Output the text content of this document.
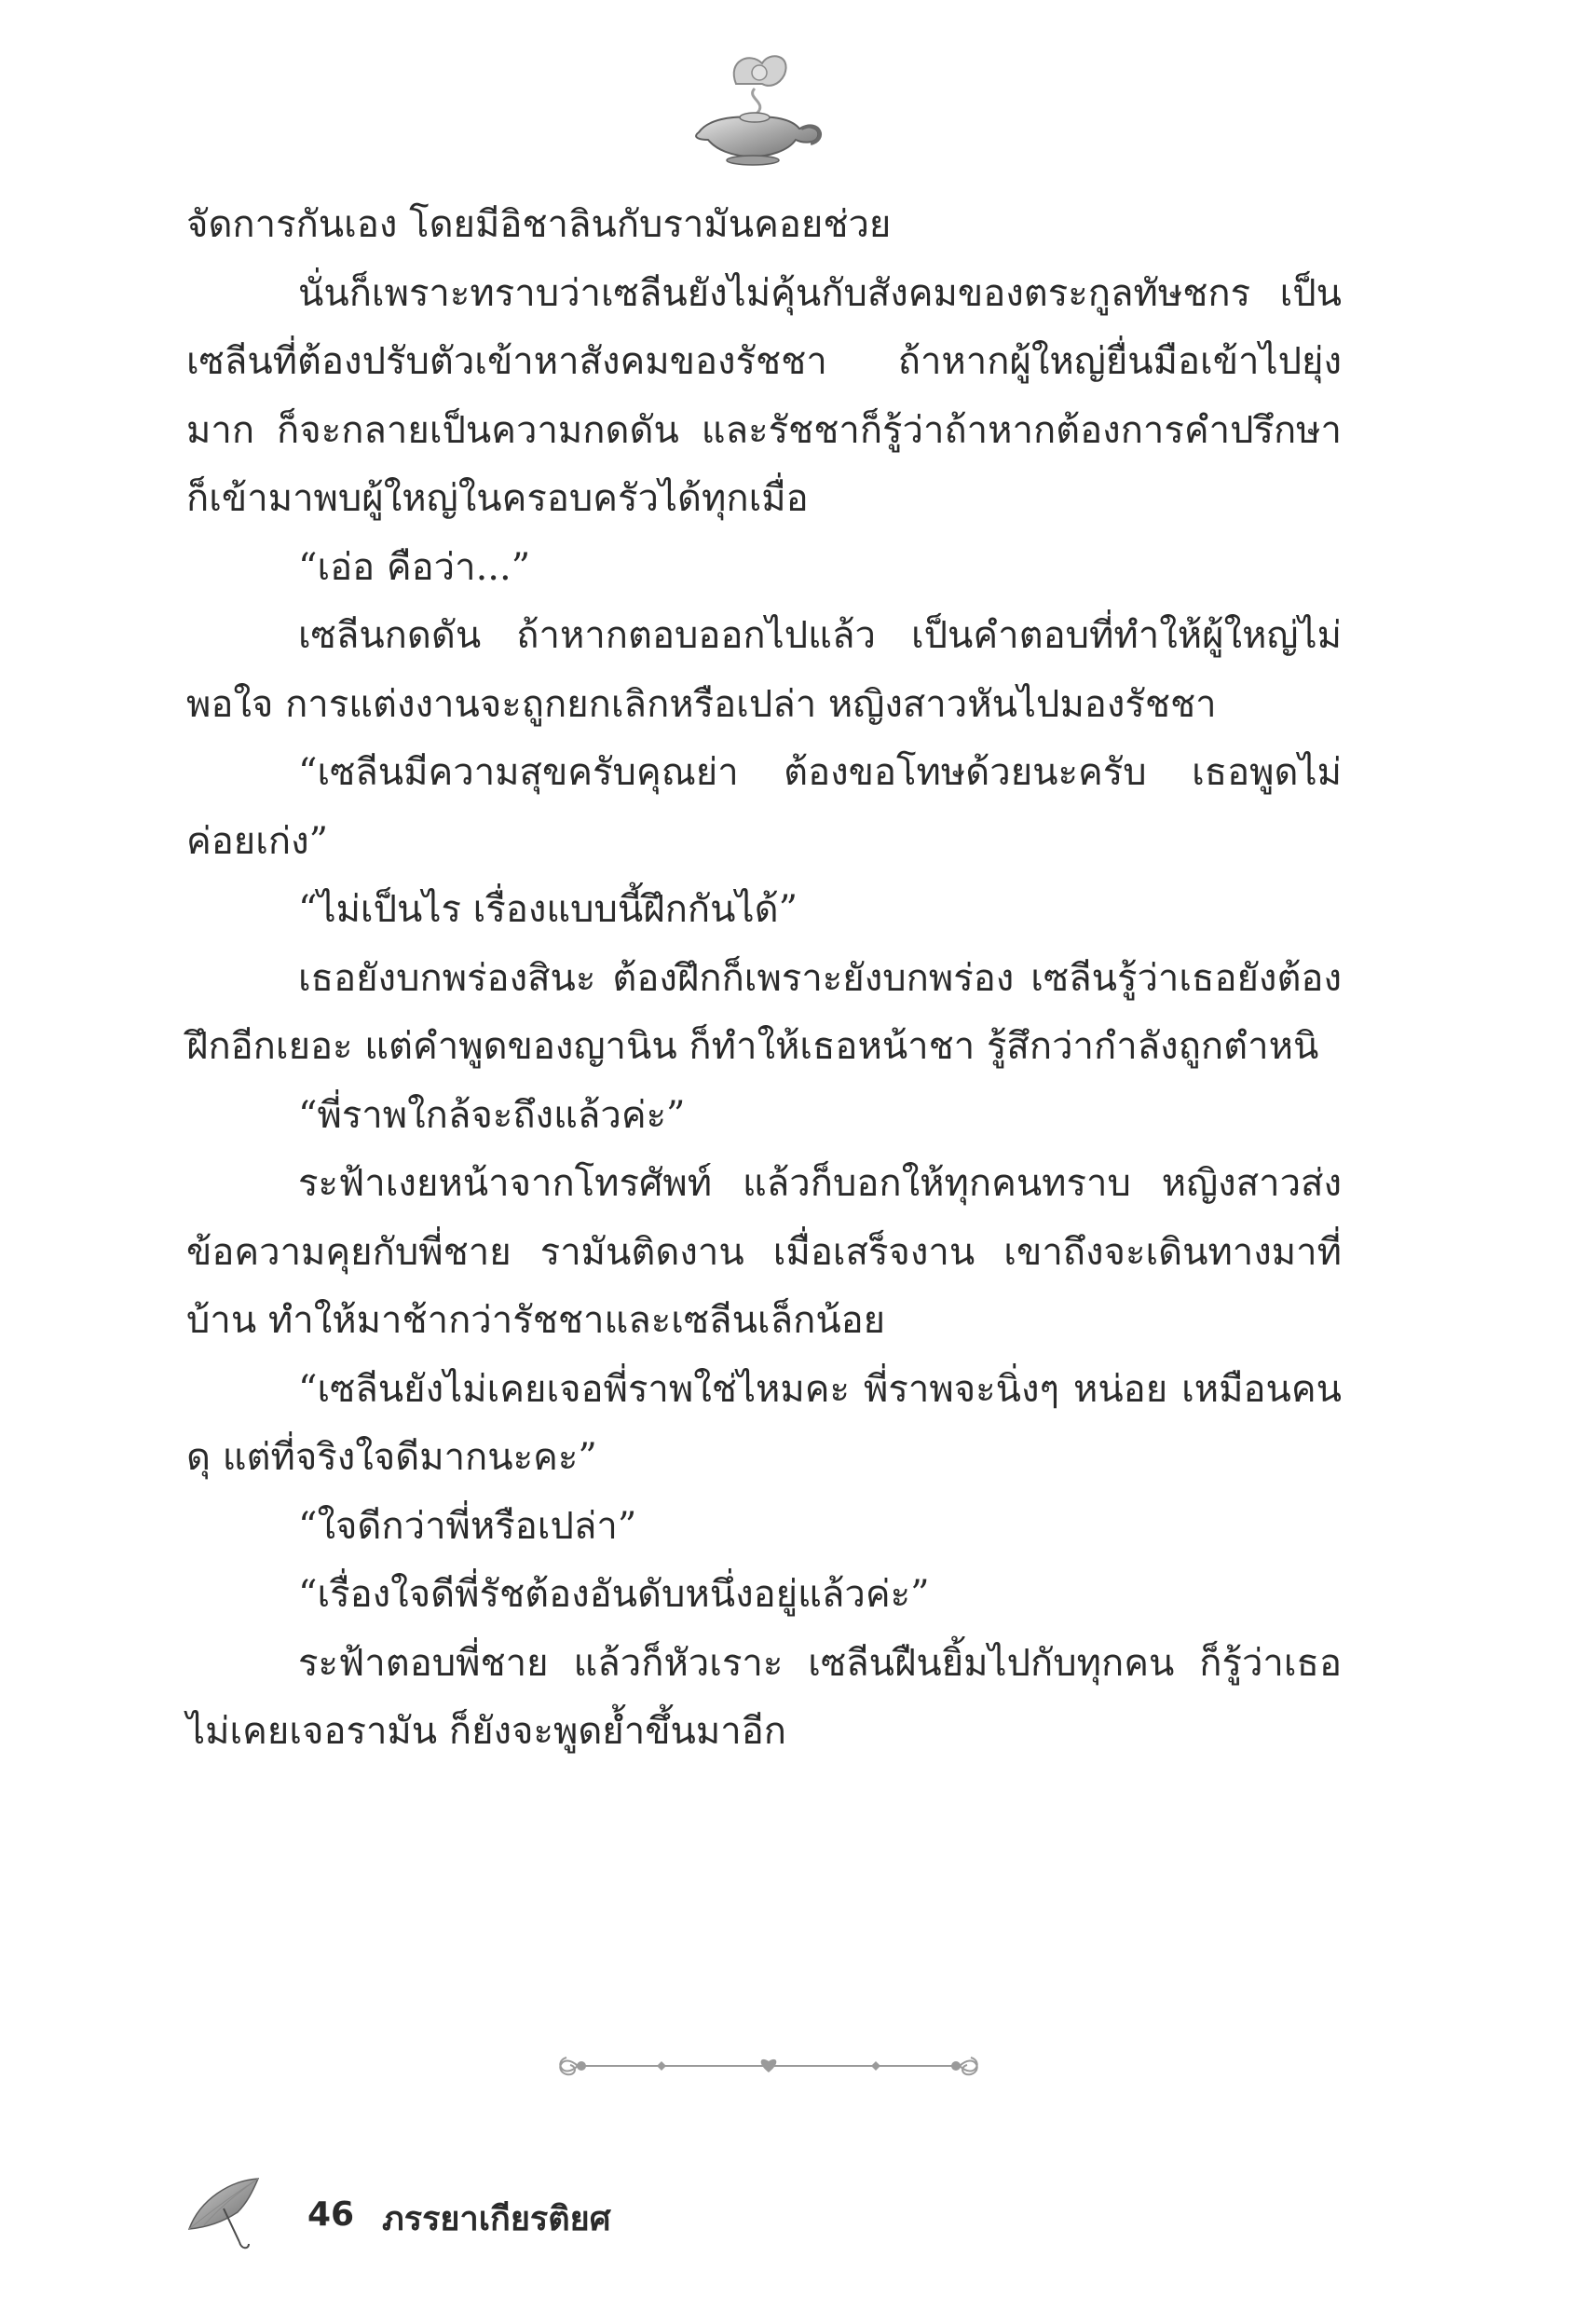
จัดการกันเอง โดยมีอิชาลินกับรามันคอยช่วย

นั่นก็เพราะทราบว่าเซลีนยังไม่คุ้นกับสังคมของตระกูลทัษชกร เป็นเซลีนที่ต้องปรับตัวเข้าหาสังคมของรัชชา ถ้าหากผู้ใหญ่ยื่นมือเข้าไปยุ่งมาก ก็จะกลายเป็นความกดดัน และรัชชาก็รู้ว่าถ้าหากต้องการคำปรึกษา ก็เข้ามาพบผู้ใหญ่ในครอบครัวได้ทุกเมื่อ

“เอ่อ คือว่า...”

เซลีนกดดัน ถ้าหากตอบออกไปแล้ว เป็นคำตอบที่ทำให้ผู้ใหญ่ไม่พอใจ การแต่งงานจะถูกยกเลิกหรือเปล่า หญิงสาวหันไปมองรัชชา

“เซลีนมีความสุขครับคุณย่า ต้องขอโทษด้วยนะครับ เธอพูดไม่ค่อยเก่ง”

“ไม่เป็นไร เรื่องแบบนี้ฝึกกันได้”

เธอยังบกพร่องสินะ ต้องฝึกก็เพราะยังบกพร่อง เซลีนรู้ว่าเธอยังต้องฝึกอีกเยอะ แต่คำพูดของญานิน ก็ทำให้เธอหน้าชา รู้สึกว่ากำลังถูกตำหนิ

“พี่ราพใกล้จะถึงแล้วค่ะ”

ระฟ้าเงยหน้าจากโทรศัพท์ แล้วก็บอกให้ทุกคนทราบ หญิงสาวส่งข้อความคุยกับพี่ชาย รามันติดงาน เมื่อเสร็จงาน เขาถึงจะเดินทางมาที่บ้าน ทำให้มาช้ากว่ารัชชาและเซลีนเล็กน้อย

“เซลีนยังไม่เคยเจอพี่ราพใช่ไหมคะ พี่ราพจะนิ่งๆ หน่อย เหมือนคนดุ แต่ที่จริงใจดีมากนะคะ”

“ใจดีกว่าพี่หรือเปล่า”

“เรื่องใจดีพี่รัชต้องอันดับหนึ่งอยู่แล้วค่ะ”

ระฟ้าตอบพี่ชาย แล้วก็หัวเราะ เซลีนฝืนยิ้มไปกับทุกคน ก็รู้ว่าเธอไม่เคยเจอรามัน ก็ยังจะพูดย้ำขึ้นมาอีก

46 ภรรยาเกียรติยศ
